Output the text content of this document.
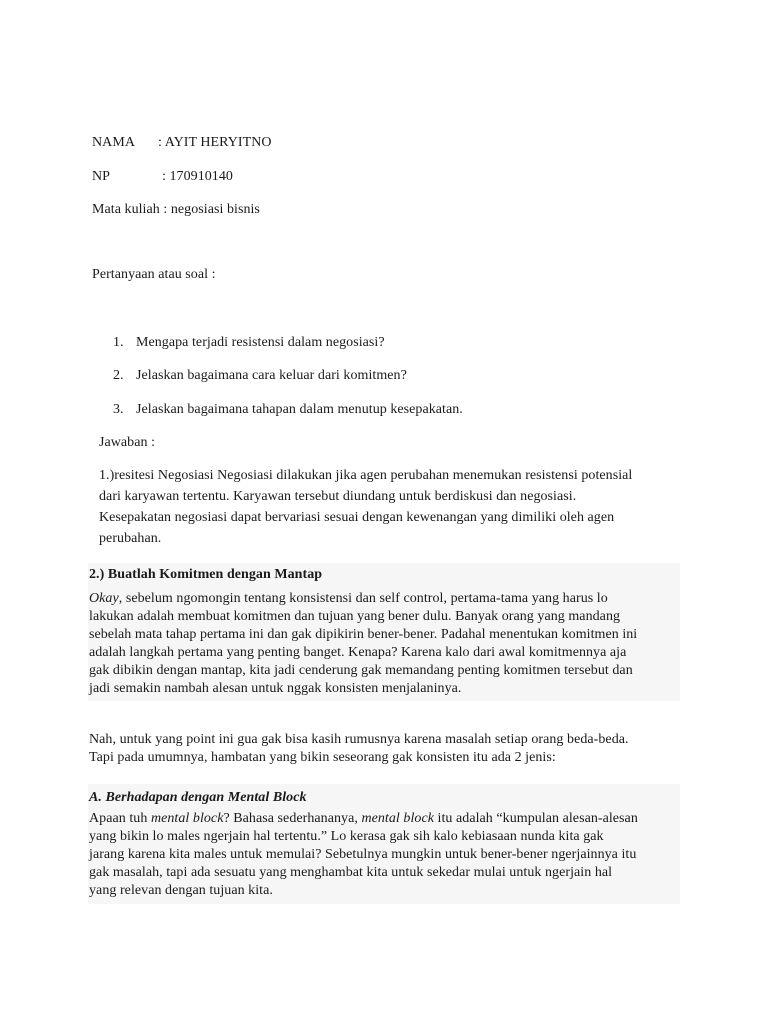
NAMA : AYIT HERYITNO
NP	: 170910140
Mata kuliah : negosiasi bisnis
Pertanyaan atau soal :
1. Mengapa terjadi resistensi dalam negosiasi?
2. Jelaskan bagaimana cara keluar dari komitmen?
3. Jelaskan bagaimana tahapan dalam menutup kesepakatan.
Jawaban :

1.)resitesi Negosiasi Negosiasi dilakukan jika agen perubahan menemukan resistensi potensial

dari karyawan tertentu. Karyawan tersebut diundang untuk berdiskusi dan negosiasi.

Kesepakatan negosiasi dapat bervariasi sesuai dengan kewenangan yang dimiliki oleh agen

perubahan.

2.) Buatlah Komitmen dengan Mantap

Okay, sebelum ngomongin tentang konsistensi dan self control, pertama-tama yang harus lo

lakukan adalah membuat komitmen dan tujuan yang bener dulu. Banyak orang yang mandang

sebelah mata tahap pertama ini dan gak dipikirin bener-bener. Padahal menentukan komitmen ini

adalah langkah pertama yang penting banget. Kenapa? Karena kalo dari awal komitmennya aja

gak dibikin dengan mantap, kita jadi cenderung gak memandang penting komitmen tersebut dan

jadi semakin nambah alesan untuk nggak konsisten menjalaninya.

Nah, untuk yang point ini gua gak bisa kasih rumusnya karena masalah setiap orang beda-beda.

Tapi pada umumnya, hambatan yang bikin seseorang gak konsisten itu ada 2 jenis:

A. Berhadapan dengan Mental Block

Apaan tuh mental block? Bahasa sederhananya, mental block itu adalah “kumpulan alesan-alesan

yang bikin lo males ngerjain hal tertentu.” Lo kerasa gak sih kalo kebiasaan nunda kita gak

jarang karena kita males untuk memulai? Sebetulnya mungkin untuk bener-bener ngerjainnya itu

gak masalah, tapi ada sesuatu yang menghambat kita untuk sekedar mulai untuk ngerjain hal

yang relevan dengan tujuan kita.
